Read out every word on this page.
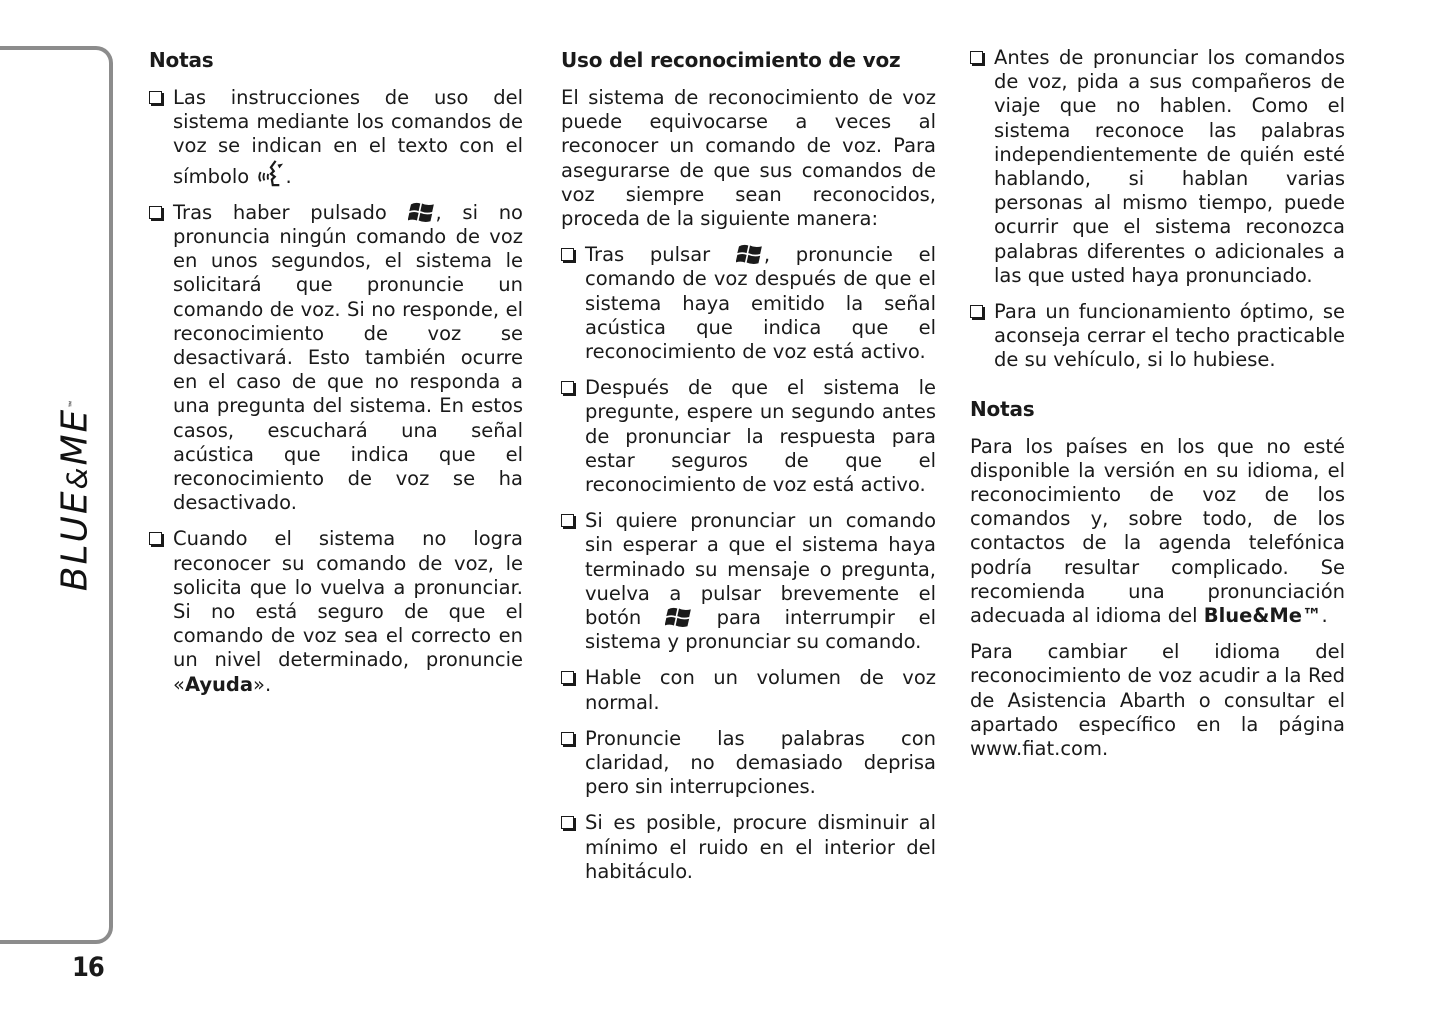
BLUE&ME™
16
Notas
Las instrucciones de uso del sistema mediante los comandos de voz se indican en el texto con el símbolo .
Tras haber pulsado , si no pronuncia ningún comando de voz en unos segundos, el sistema le solicitará que pronuncie un comando de voz. Si no responde, el reconocimiento de voz se desactivará. Esto también ocurre en el caso de que no responda a una pregunta del sistema. En estos casos, escuchará una señal acústica que indica que el reconocimiento de voz se ha desactivado.
Cuando el sistema no logra reconocer su comando de voz, le solicita que lo vuelva a pronunciar. Si no está seguro de que el comando de voz sea el correcto en un nivel determinado, pronuncie «Ayuda».
Uso del reconocimiento de voz

El sistema de reconocimiento de voz puede equivocarse a veces al reconocer un comando de voz. Para asegurarse de que sus comandos de voz siempre sean reconocidos, proceda de la siguiente manera:

Tras pulsar , pronuncie el comando de voz después de que el sistema haya emitido la señal acústica que indica que el reconocimiento de voz está activo.
Después de que el sistema le pregunte, espere un segundo antes de pronunciar la respuesta para estar seguros de que el reconocimiento de voz está activo.
Si quiere pronunciar un comando sin esperar a que el sistema haya terminado su mensaje o pregunta, vuelva a pulsar brevemente el botón  para interrumpir el sistema y pronunciar su comando.
Hable con un volumen de voz normal.
Pronuncie las palabras con claridad, no demasiado deprisa pero sin interrupciones.
Si es posible, procure disminuir al mínimo el ruido en el interior del habitáculo.
Antes de pronunciar los comandos de voz, pida a sus compañeros de viaje que no hablen. Como el sistema reconoce las palabras independientemente de quién esté hablando, si hablan varias personas al mismo tiempo, puede ocurrir que el sistema reconozca palabras diferentes o adicionales a las que usted haya pronunciado.
Para un funcionamiento óptimo, se aconseja cerrar el techo practicable de su vehículo, si lo hubiese.
Notas

Para los países en los que no esté disponible la versión en su idioma, el reconocimiento de voz de los comandos y, sobre todo, de los contactos de la agenda telefónica podría resultar complicado. Se recomienda una pronunciación adecuada al idioma del Blue&Me™.

Para cambiar el idioma del reconocimiento de voz acudir a la Red de Asistencia Abarth o consultar el apartado específico en la página www.fiat.com.
